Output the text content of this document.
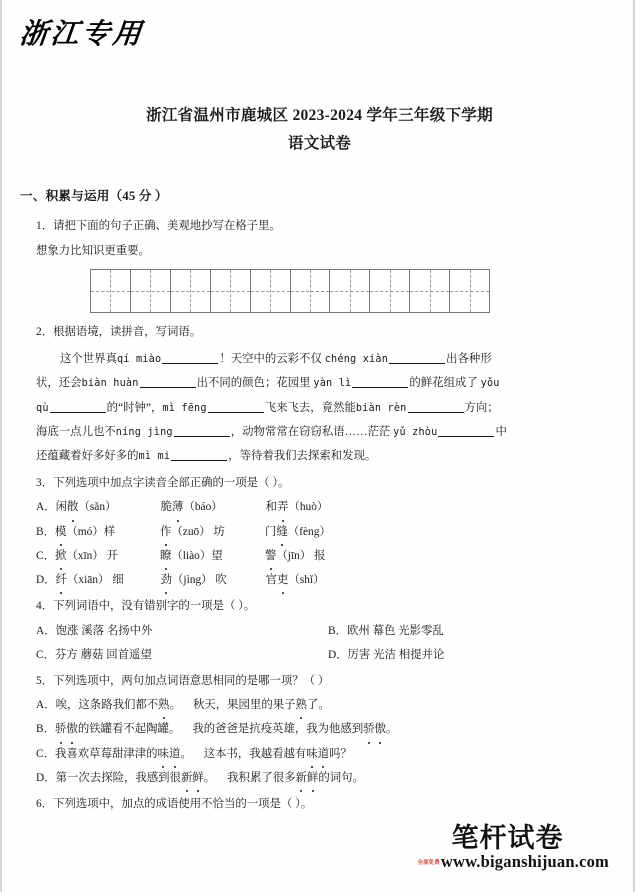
浙江专用
浙江省温州市鹿城区 2023-2024 学年三年级下学期
语文试卷
一、积累与运用（45 分 ）
1．请把下面的句子正确、美观地抄写在格子里。
想象力比知识更重要。
2．根据语境，读拼音，写词语。
这个世界真qí miào	！天空中的云彩不仅 chéng xiàn	出各种形
状，还会biàn huàn	出不同的颜色；花园里 yàn lì	的鲜花组成了 yǒu
qù	的“时钟”，mì fēng	飞来飞去，竟然能biàn rèn	方向；
海底一点儿也不níng jìng	，动物常常在窃窃私语……茫茫 yǔ zhòu	中
还蕴藏着好多好多的mì mi	，等待着我们去探索和发现。
3．下列选项中加点字读音全部正确的一项是（ ）。
A． 闲散（sǎn）	脆薄（báo）	和弄（huò）
B． 模（mó）样	作（zuō） 坊	门缝（fèng）
C． 掀（xīn） 开	瞭（liào）望	警（jīn） 报
D． 纤（xiān） 细	劲（jìng） 吹	官吏（shǐ）
4．下列词语中，没有错别字的一项是（ ）。
A．饱涨 溪落 名扬中外	B．欧州 幕色 光影零乱
C．芬方 蘑菇 回首遥望	D．厉害 光洁 相提并论
5．下列选项中，两句加点词语意思相同的是哪一项？（ ）
A． 唉，这条路我们都不熟。 秋天，果园里的果子熟了。
B． 骄傲的铁罐看不起陶罐。 我的爸爸是抗疫英雄，我为他感到骄傲。
C． 我喜欢草莓甜津津的味道。 这本书，我越看越有味道吗？
D． 第一次去探险，我感到很新鲜。 我积累了很多新鲜的词句。
6．下列选项中，加点的成语使用不恰当的一项是（ ）。
笔杆试卷
全部免费 www.biganshijuan.com
